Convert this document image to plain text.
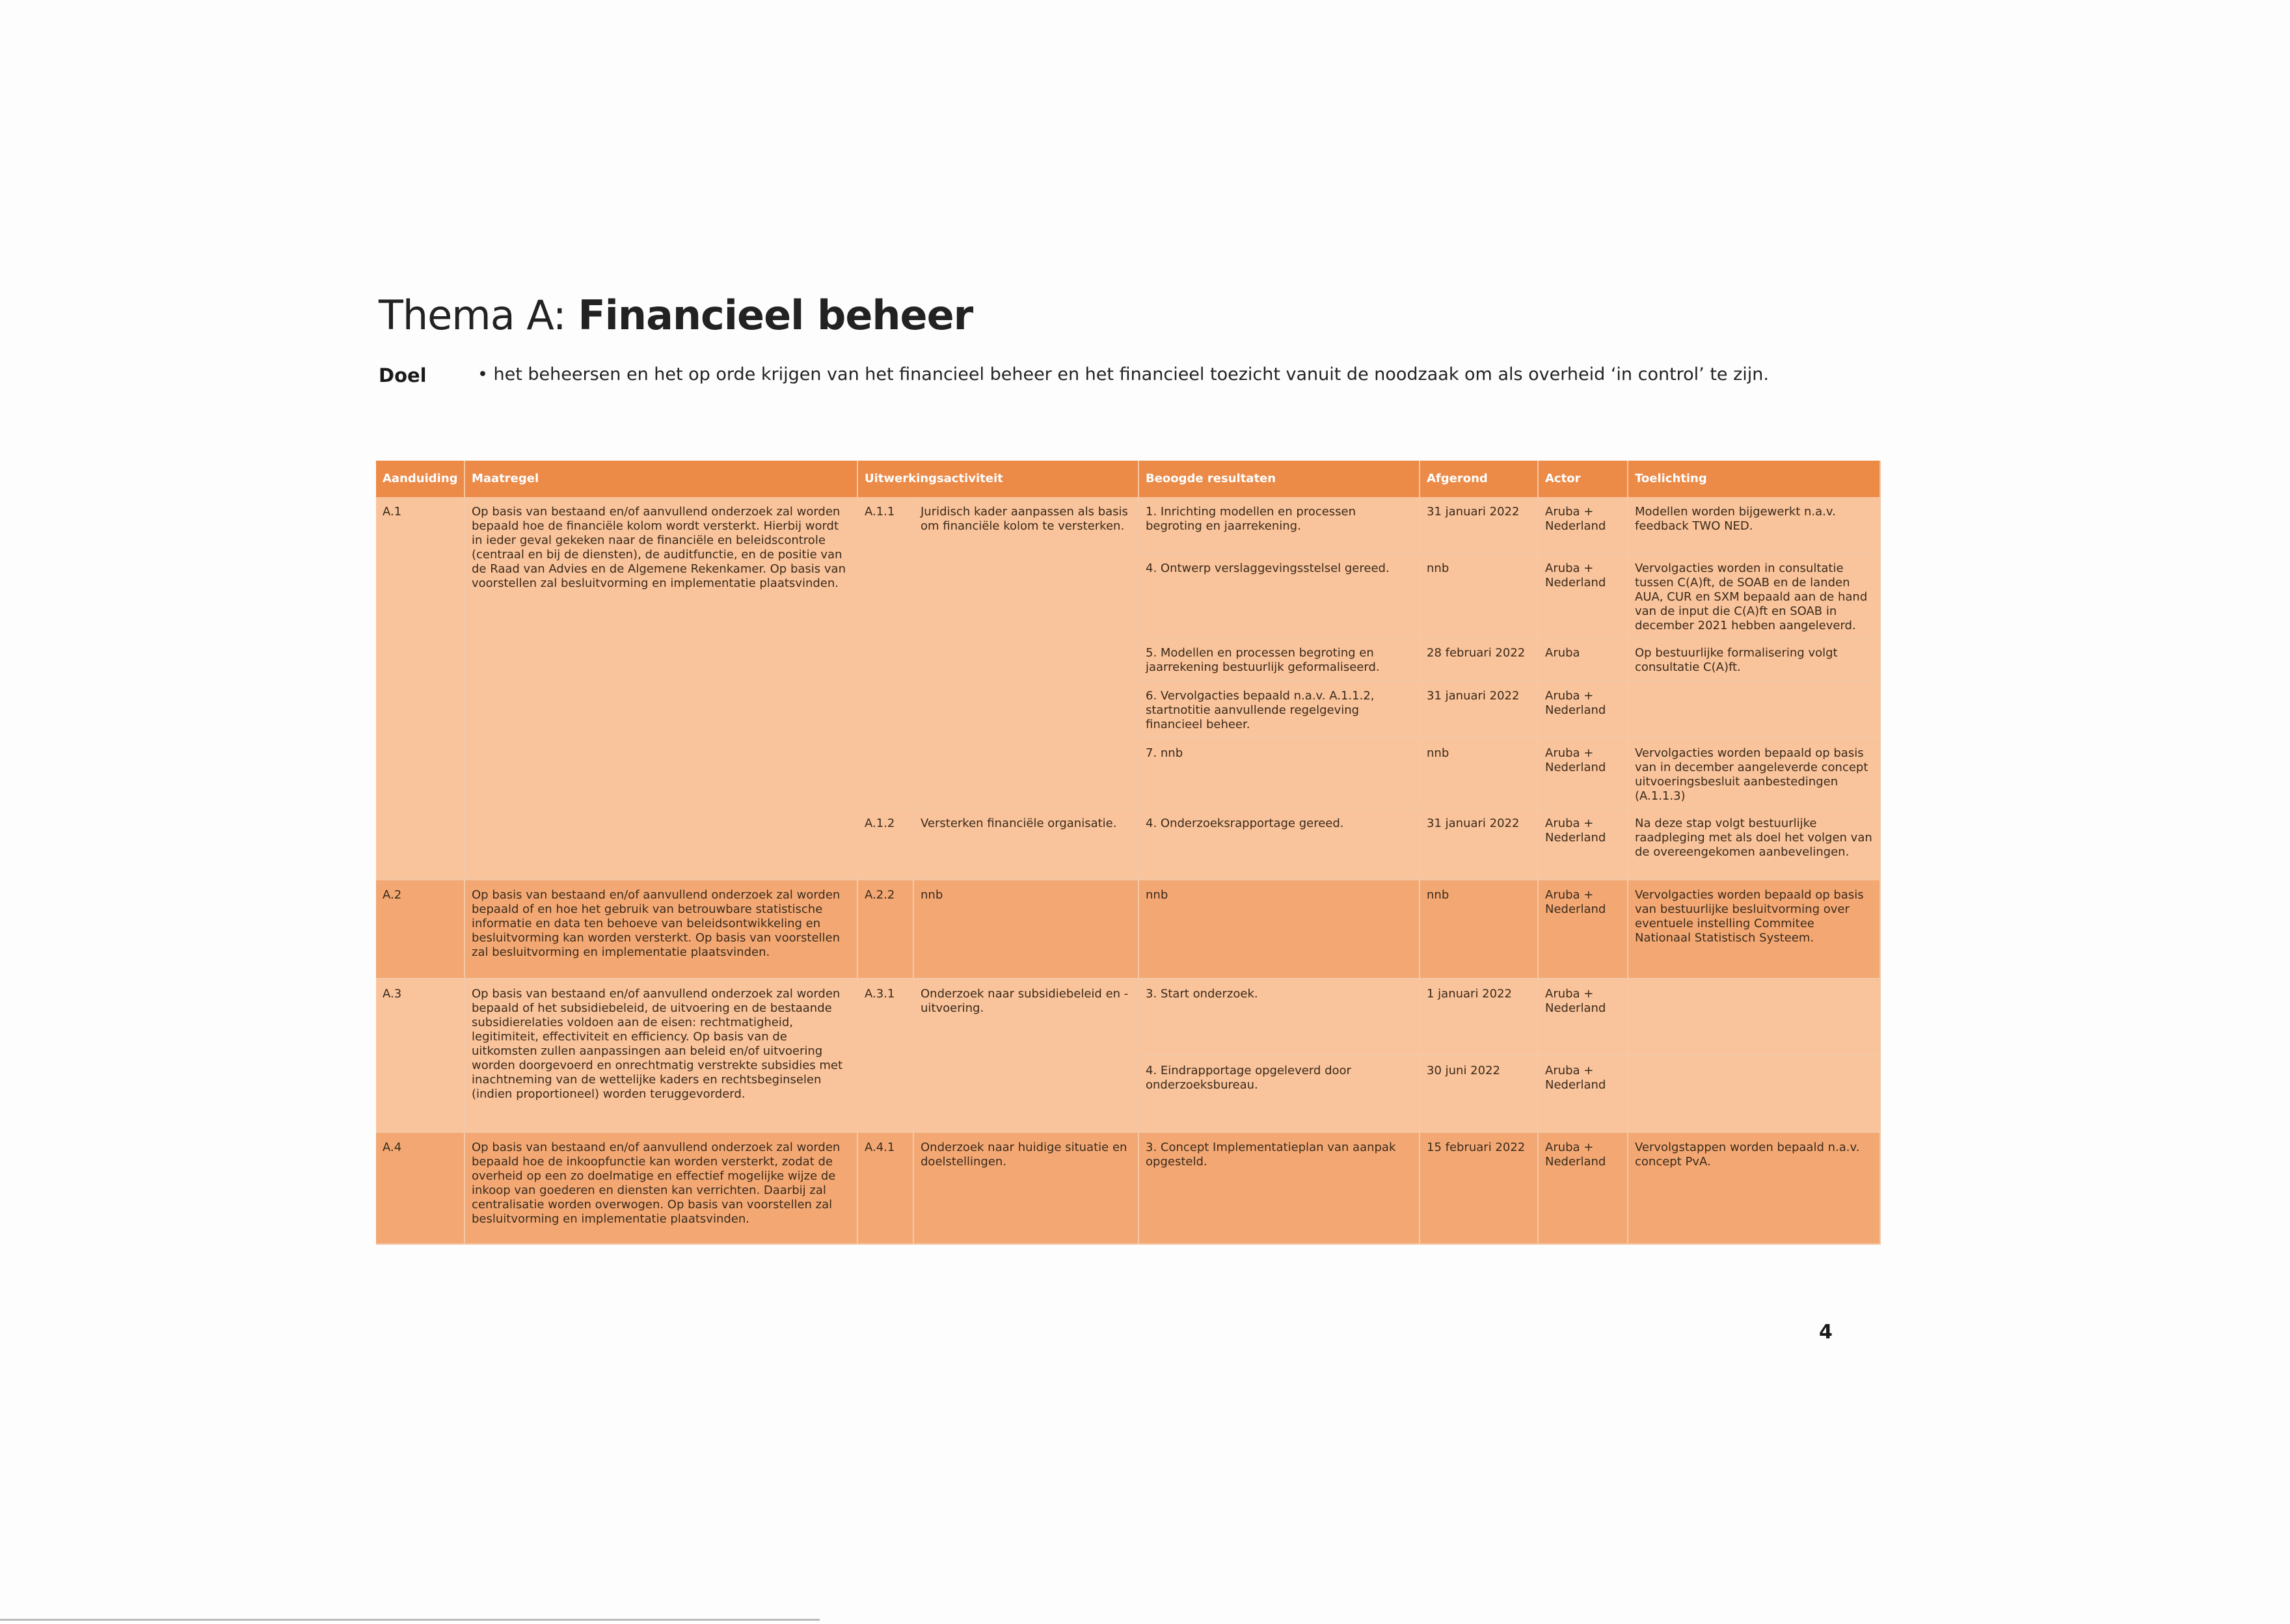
Thema A: Financieel beheer
Doel	• het beheersen en het op orde krijgen van het financieel beheer en het financieel toezicht vanuit de noodzaak om als overheid ‘in control’ te zijn.
Aanduiding	Maatregel	Uitwerkingsactiviteit		Beoogde resultaten	Afgerond	Actor	Toelichting
A.1	Op basis van bestaand en/of aanvullend onderzoek zal worden bepaald hoe de financiële kolom wordt versterkt. Hierbij wordt in ieder geval gekeken naar de financiële en beleidscontrole (centraal en bij de diensten), de auditfunctie, en de positie van de Raad van Advies en de Algemene Rekenkamer. Op basis van voorstellen zal besluitvorming en implementatie plaatsvinden.	A.1.1	Juridisch kader aanpassen als basis om financiële kolom te versterken.	1. Inrichting modellen en processen begroting en jaarrekening.	31 januari 2022	Aruba + Nederland	Modellen worden bijgewerkt n.a.v. feedback TWO NED.
				4. Ontwerp verslaggevingsstelsel gereed.	nnb	Aruba + Nederland	Vervolgacties worden in consultatie tussen C(A)ft, de SOAB en de landen AUA, CUR en SXM bepaald aan de hand van de input die C(A)ft en SOAB in december 2021 hebben aangeleverd.
				5. Modellen en processen begroting en jaarrekening bestuurlijk geformaliseerd.	28 februari 2022	Aruba	Op bestuurlijke formalisering volgt consultatie C(A)ft.
				6. Vervolgacties bepaald n.a.v. A.1.1.2, startnotitie aanvullende regelgeving financieel beheer.	31 januari 2022	Aruba + Nederland	
				7. nnb	nnb	Aruba + Nederland	Vervolgacties worden bepaald op basis van in december aangeleverde concept uitvoeringsbesluit aanbestedingen (A.1.1.3)
		A.1.2	Versterken financiële organisatie.	4. Onderzoeksrapportage gereed.	31 januari 2022	Aruba + Nederland	Na deze stap volgt bestuurlijke raadpleging met als doel het volgen van de overeengekomen aanbevelingen.
A.2	Op basis van bestaand en/of aanvullend onderzoek zal worden bepaald of en hoe het gebruik van betrouwbare statistische informatie en data ten behoeve van beleidsontwikkeling en besluitvorming kan worden versterkt. Op basis van voorstellen zal besluitvorming en implementatie plaatsvinden.	A.2.2	nnb	nnb	nnb	Aruba + Nederland	Vervolgacties worden bepaald op basis van bestuurlijke besluitvorming over eventuele instelling Commitee Nationaal Statistisch Systeem.
A.3	Op basis van bestaand en/of aanvullend onderzoek zal worden bepaald of het subsidiebeleid, de uitvoering en de bestaande subsidierelaties voldoen aan de eisen: rechtmatigheid, legitimiteit, effectiviteit en efficiency. Op basis van de uitkomsten zullen aanpassingen aan beleid en/of uitvoering worden doorgevoerd en onrechtmatig verstrekte subsidies met inachtneming van de wettelijke kaders en rechtsbeginselen (indien proportioneel) worden teruggevorderd.	A.3.1	Onderzoek naar subsidiebeleid en -uitvoering.	3. Start onderzoek.	1 januari 2022	Aruba + Nederland	
				4. Eindrapportage opgeleverd door onderzoeksbureau.	30 juni 2022	Aruba + Nederland	
A.4	Op basis van bestaand en/of aanvullend onderzoek zal worden bepaald hoe de inkoopfunctie kan worden versterkt, zodat de overheid op een zo doelmatige en effectief mogelijke wijze de inkoop van goederen en diensten kan verrichten. Daarbij zal centralisatie worden overwogen. Op basis van voorstellen zal besluitvorming en implementatie plaatsvinden.	A.4.1	Onderzoek naar huidige situatie en doelstellingen.	3. Concept Implementatieplan van aanpak opgesteld.	15 februari 2022	Aruba + Nederland	Vervolgstappen worden bepaald n.a.v. concept PvA.
4
